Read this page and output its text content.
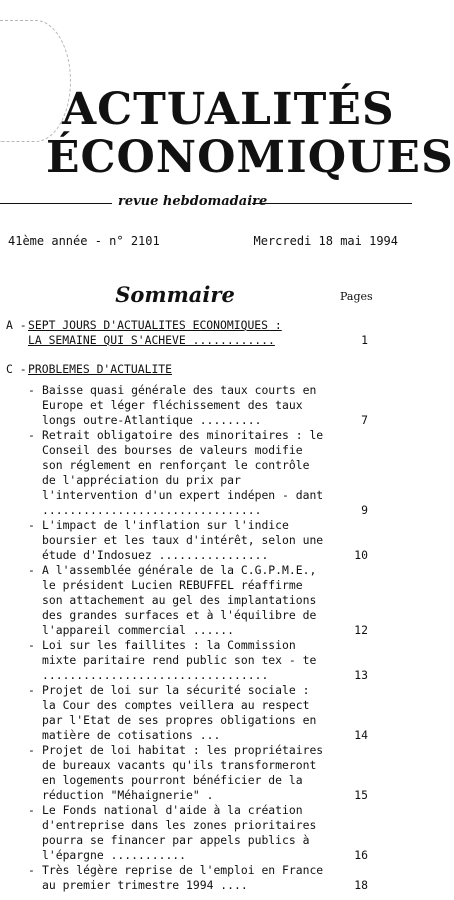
ACTUALITÉS
ÉCONOMIQUES
revue hebdomadaire
41ème année - n° 2101	Mercredi 18 mai 1994
Sommaire	Pages
A - SEPT JOURS D'ACTUALITES ECONOMIQUES :
LA SEMAINE QUI S'ACHEVE ............	1
C - PROBLEMES D'ACTUALITE
- Baisse quasi générale des taux courts en Europe et léger fléchissement des taux longs outre-Atlantique .........	7
- Retrait obligatoire des minoritaires : le Conseil des bourses de valeurs modifie son réglement en renforçant le contrôle de l'appréciation du prix par l'intervention d'un expert indépen - dant ................................	9
- L'impact de l'inflation sur l'indice boursier et les taux d'intérêt, selon une étude d'Indosuez ................	10
- A l'assemblée générale de la C.G.P.M.E., le président Lucien REBUFFEL réaffirme son attachement au gel des implantations des grandes surfaces et à l'équilibre de l'appareil commercial ......	12
- Loi sur les faillites : la Commission mixte paritaire rend public son tex - te .................................	13
- Projet de loi sur la sécurité sociale : la Cour des comptes veillera au respect par l'Etat de ses propres obligations en matière de cotisations ...	14
- Projet de loi habitat : les propriétaires de bureaux vacants qu'ils transformeront en logements pourront bénéficier de la réduction "Méhaignerie" .	15
- Le Fonds national d'aide à la création d'entreprise dans les zones prioritaires pourra se financer par appels publics à l'épargne ...........	16
- Très légère reprise de l'emploi en France au premier trimestre 1994 ....	18
